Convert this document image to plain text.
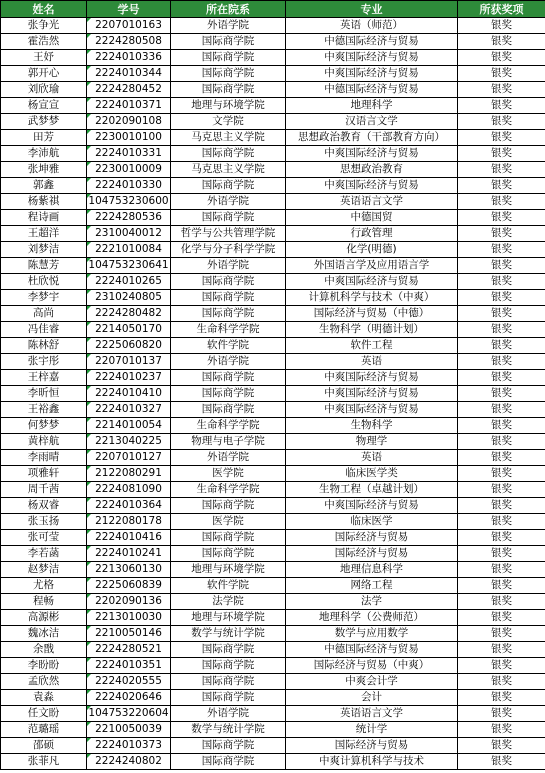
姓名	学号	所在院系	专业	所获奖项
张争光	2207010163	外语学院	英语（师范）	银奖
霍浩然	2224280508	国际商学院	中德国际经济与贸易	银奖
王妤	2224010336	国际商学院	中爽国际经济与贸易	银奖
郭开心	2224010344	国际商学院	中爽国际经济与贸易	银奖
刘欣瑜	2224280452	国际商学院	中德国际经济与贸易	银奖
杨宣宣	2224010371	地理与环境学院	地理科学	银奖
武梦梦	2202090108	文学院	汉语言文学	银奖
田芳	2230010100	马克思主义学院	思想政治教育（干部教育方向）	银奖
李沛航	2224010331	国际商学院	中爽国际经济与贸易	银奖
张坤雅	2230010009	马克思主义学院	思想政治教育	银奖
郭鑫	2224010330	国际商学院	中爽国际经济与贸易	银奖
杨紫祺	104753230600	外语学院	英语语言文学	银奖
程诗画	2224280536	国际商学院	中德国贸	银奖
王超洋	2310040012	哲学与公共管理学院	行政管理	银奖
刘梦洁	2221010084	化学与分子科学学院	化学(明德)	银奖
陈慧芳	104753230641	外语学院	外国语言学及应用语言学	银奖
杜欣悦	2224010265	国际商学院	中爽国际经济与贸易	银奖
李梦宇	2310240805	国际商学院	计算机科学与技术（中爽）	银奖
高尚	2224280482	国际商学院	国际经济与贸易（中德）	银奖
冯佳睿	2214050170	生命科学学院	生物科学（明德计划）	银奖
陈林舒	2225060820	软件学院	软件工程	银奖
张宇彤	2207010137	外语学院	英语	银奖
王梓嘉	2224010237	国际商学院	中爽国际经济与贸易	银奖
李昕恒	2224010410	国际商学院	中爽国际经济与贸易	银奖
王裕鑫	2224010327	国际商学院	中爽国际经济与贸易	银奖
何梦梦	2214010054	生命科学学院	生物科学	银奖
黄梓航	2213040225	物理与电子学院	物理学	银奖
李雨晴	2207010127	外语学院	英语	银奖
项雅轩	2122080291	医学院	临床医学类	银奖
周千茜	2224081090	生命科学学院	生物工程（卓越计划）	银奖
杨双睿	2224010364	国际商学院	中爽国际经济与贸易	银奖
张玉扬	2122080178	医学院	临床医学	银奖
张可莹	2224010416	国际商学院	国际经济与贸易	银奖
李若菡	2224010241	国际商学院	国际经济与贸易	银奖
赵梦洁	2213060130	地理与环境学院	地理信息科学	银奖
尤格	2225060839	软件学院	网络工程	银奖
程畅	2202090136	法学院	法学	银奖
高源彬	2213010030	地理与环境学院	地理科学（公费师范）	银奖
魏冰洁	2210050146	数学与统计学院	数学与应用数学	银奖
余戬	2224280521	国际商学院	中德国际经济与贸易	银奖
李盼盼	2224010351	国际商学院	国际经济与贸易（中爽）	银奖
孟欣然	2224020555	国际商学院	中爽会计学	银奖
袁淼	2224020646	国际商学院	会计	银奖
任文盼	104753220604	外语学院	英语语言文学	银奖
范璐瑶	2210050039	数学与统计学院	统计学	银奖
邵硕	2224010373	国际商学院	国际经济与贸易	银奖
张菲凡	2224240802	国际商学院	中爽计算机科学与技术	银奖
